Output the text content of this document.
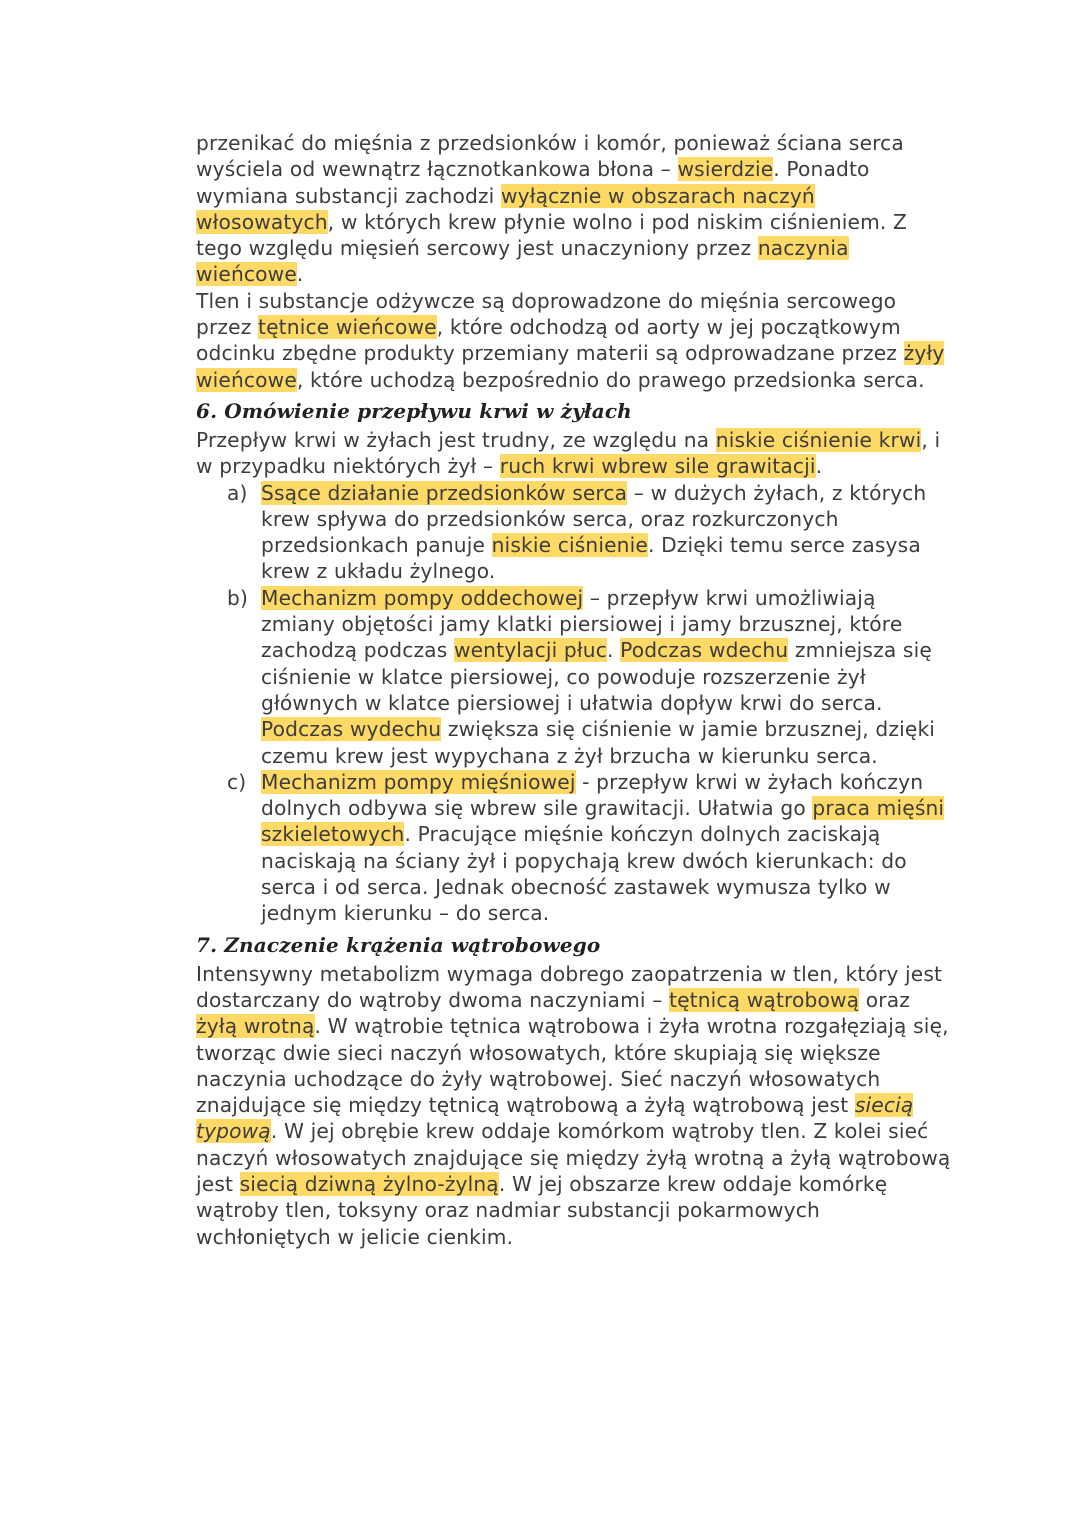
przenikać do mięśnia z przedsionków i komór, ponieważ ściana serca wyściela od wewnątrz łącznotkankowa błona – wsierdzie. Ponadto wymiana substancji zachodzi wyłącznie w obszarach naczyń włosowatych, w których krew płynie wolno i pod niskim ciśnieniem. Z tego względu mięsień sercowy jest unaczyniony przez naczynia wieńcowe.

Tlen i substancje odżywcze są doprowadzone do mięśnia sercowego przez tętnice wieńcowe, które odchodzą od aorty w jej początkowym odcinku zbędne produkty przemiany materii są odprowadzane przez żyły wieńcowe, które uchodzą bezpośrednio do prawego przedsionka serca.

6. Omówienie przepływu krwi w żyłach

Przepływ krwi w żyłach jest trudny, ze względu na niskie ciśnienie krwi, i w przypadku niektórych żył – ruch krwi wbrew sile grawitacji.

a) Ssące działanie przedsionków serca – w dużych żyłach, z których krew spływa do przedsionków serca, oraz rozkurczonych przedsionkach panuje niskie ciśnienie. Dzięki temu serce zasysa krew z układu żylnego.
b) Mechanizm pompy oddechowej – przepływ krwi umożliwiają zmiany objętości jamy klatki piersiowej i jamy brzusznej, które zachodzą podczas wentylacji płuc. Podczas wdechu zmniejsza się ciśnienie w klatce piersiowej, co powoduje rozszerzenie żył głównych w klatce piersiowej i ułatwia dopływ krwi do serca. Podczas wydechu zwiększa się ciśnienie w jamie brzusznej, dzięki czemu krew jest wypychana z żył brzucha w kierunku serca.
c) Mechanizm pompy mięśniowej - przepływ krwi w żyłach kończyn dolnych odbywa się wbrew sile grawitacji. Ułatwia go praca mięśni szkieletowych. Pracujące mięśnie kończyn dolnych zaciskają naciskają na ściany żył i popychają krew dwóch kierunkach: do serca i od serca. Jednak obecność zastawek wymusza tylko w jednym kierunku – do serca.
7. Znaczenie krążenia wątrobowego

Intensywny metabolizm wymaga dobrego zaopatrzenia w tlen, który jest dostarczany do wątroby dwoma naczyniami – tętnicą wątrobową oraz żyłą wrotną. W wątrobie tętnica wątrobowa i żyła wrotna rozgałęziają się, tworząc dwie sieci naczyń włosowatych, które skupiają się większe naczynia uchodzące do żyły wątrobowej. Sieć naczyń włosowatych znajdujące się między tętnicą wątrobową a żyłą wątrobową jest siecią typową. W jej obrębie krew oddaje komórkom wątroby tlen. Z kolei sieć naczyń włosowatych znajdujące się między żyłą wrotną a żyłą wątrobową jest siecią dziwną żylno-żylną. W jej obszarze krew oddaje komórkę wątroby tlen, toksyny oraz nadmiar substancji pokarmowych wchłoniętych w jelicie cienkim.
